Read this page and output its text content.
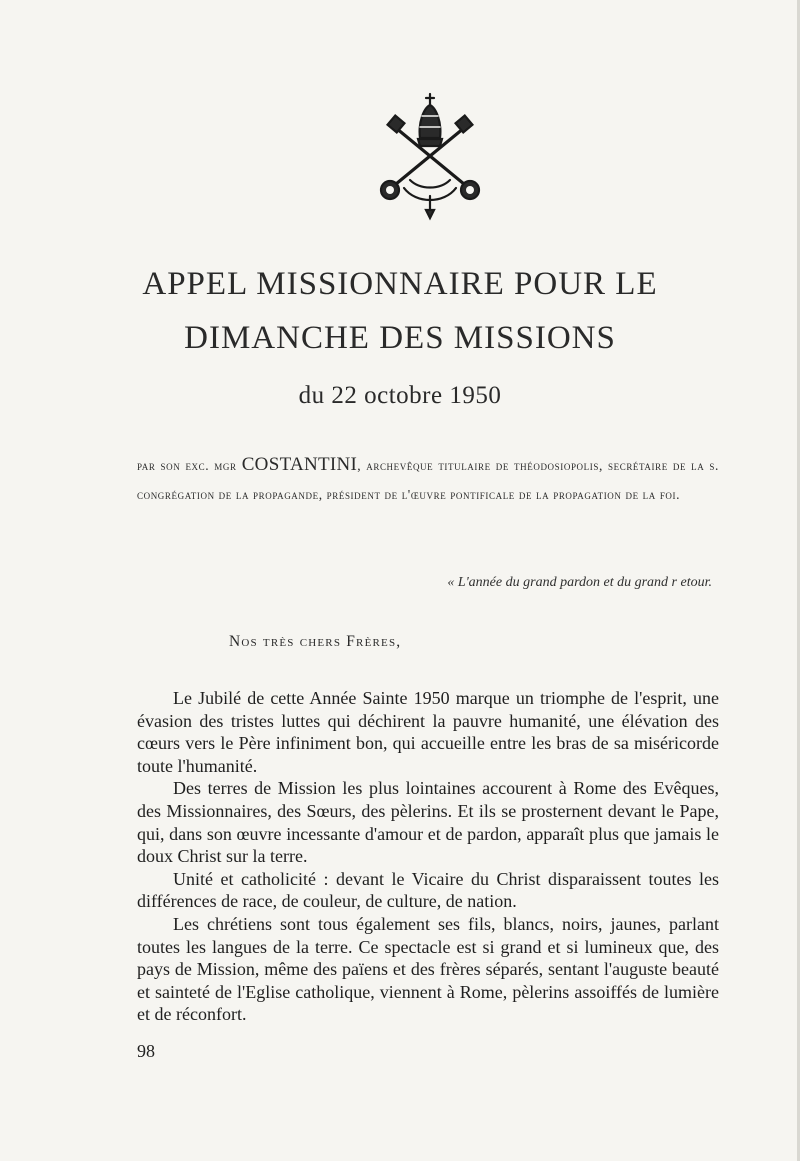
APPEL MISSIONNAIRE POUR LE
DIMANCHE DES MISSIONS
du 22 octobre 1950
par son exc. mgr COSTANTINI, archevêque titulaire de théodosiopolis, secrétaire de la s. congrégation de la propagande, président de l'œuvre pontificale de la propagation de la foi.
« L'année du grand pardon et du grand r etour.
Nos très chers Frères,

Le Jubilé de cette Année Sainte 1950 marque un triomphe de l'esprit, une évasion des tristes luttes qui déchirent la pauvre humanité, une élévation des cœurs vers le Père infiniment bon, qui accueille entre les bras de sa miséricorde toute l'humanité.

Des terres de Mission les plus lointaines accourent à Rome des Evêques, des Missionnaires, des Sœurs, des pèlerins. Et ils se prosternent devant le Pape, qui, dans son œuvre incessante d'amour et de pardon, apparaît plus que jamais le doux Christ sur la terre.

Unité et catholicité : devant le Vicaire du Christ disparaissent toutes les différences de race, de couleur, de culture, de nation.

Les chrétiens sont tous également ses fils, blancs, noirs, jaunes, parlant toutes les langues de la terre. Ce spectacle est si grand et si lumineux que, des pays de Mission, même des païens et des frères séparés, sentant l'auguste beauté et sainteté de l'Eglise catholique, viennent à Rome, pèlerins assoiffés de lumière et de réconfort.

98
